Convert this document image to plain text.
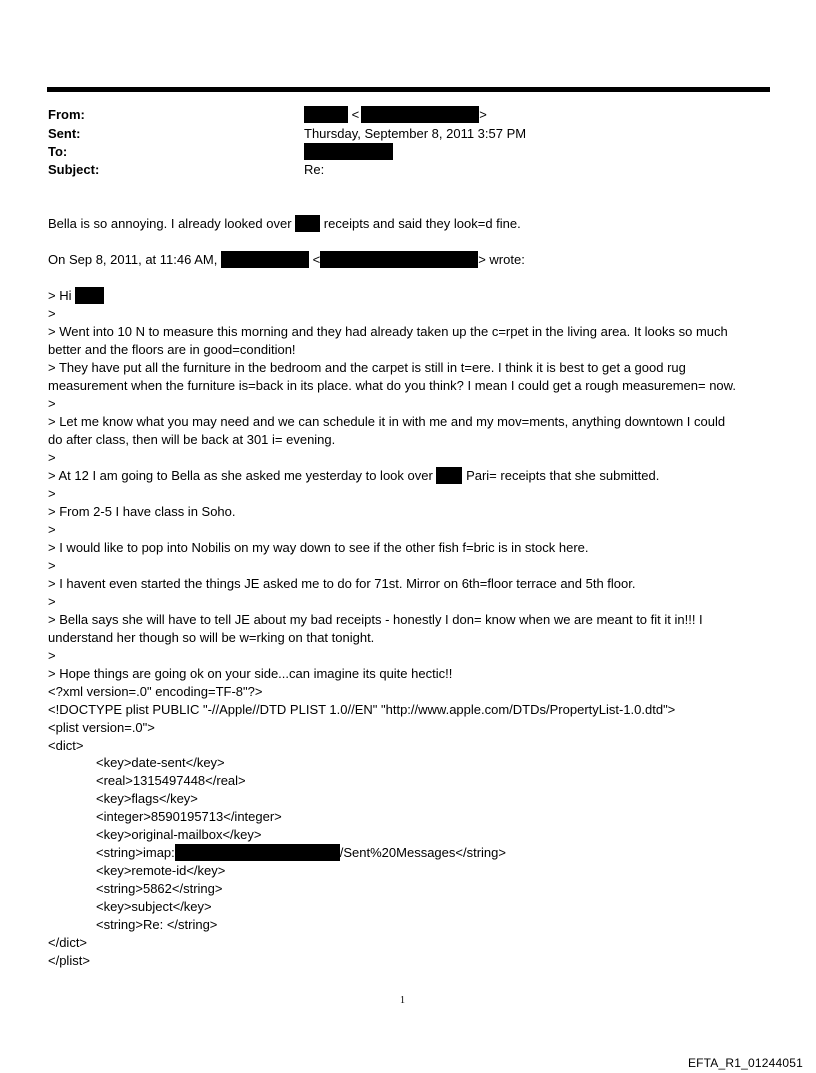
From:	<	>
Sent:	Thursday, September 8, 2011 3:57 PM
To:
Subject:	Re:
Bella is so annoying. I already looked over receipts and said they look=d fine.
On Sep 8, 2011, at 11:46 AM,	<	> wrote:
> Hi
>
> Went into 10 N to measure this morning and they had already taken up the c=rpet in the living area. It looks so much
better and the floors are in good=condition!
> They have put all the furniture in the bedroom and the carpet is still in t=ere. I think it is best to get a good rug
measurement when the furniture is=back in its place. what do you think? I mean I could get a rough measuremen= now.
>
> Let me know what you may need and we can schedule it in with me and my mov=ments, anything downtown I could
do after class, then will be back at 301 i= evening.
>
> At 12 I am going to Bella as she asked me yesterday to look over	Pari= receipts that she submitted.
>
> From 2-5 I have class in Soho.
>
> I would like to pop into Nobilis on my way down to see if the other fish f=bric is in stock here.
>
> I havent even started the things JE asked me to do for 71st. Mirror on 6th=floor terrace and 5th floor.
>
> Bella says she will have to tell JE about my bad receipts - honestly I don= know when we are meant to fit it in!!! I
understand her though so will be w=rking on that tonight.
>
> Hope things are going ok on your side...can imagine its quite hectic!!
<?xml version=.0" encoding=TF-8"?>
<!DOCTYPE plist PUBLIC "-//Apple//DTD PLIST 1.0//EN" "http://www.apple.com/DTDs/PropertyList-1.0.dtd">
<plist version=.0">
<dict>
<key>date-sent</key>
<real>1315497448</real>
<key>flags</key>
<integer>8590195713</integer>
<key>original-mailbox</key>
<string>imap:	/Sent%20Messages</string>
<key>remote-id</key>
<string>5862</string>
<key>subject</key>
<string>Re: </string>
</dict>
</plist>
1
EFTA_R1_01244051
